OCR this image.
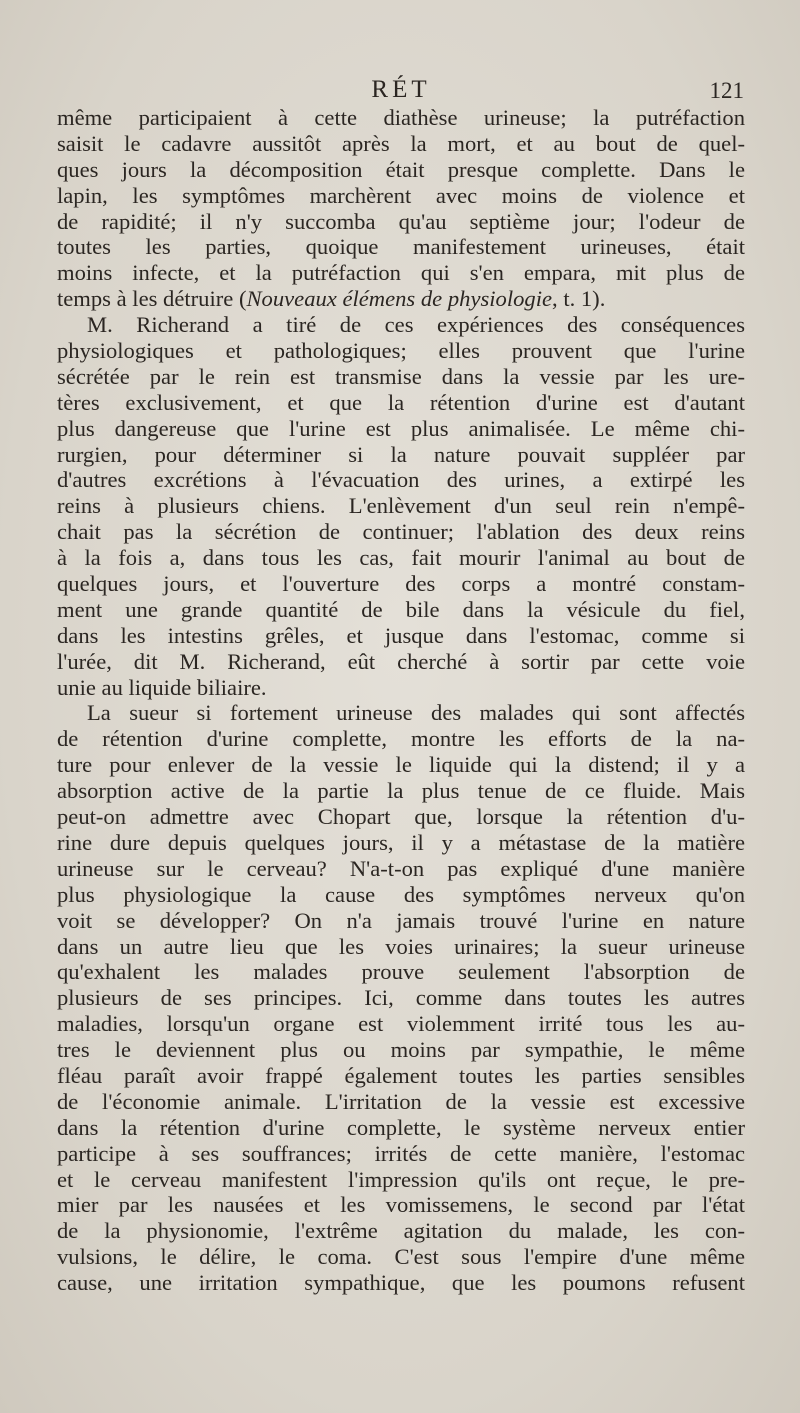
RÉT	121
même participaient à cette diathèse urineuse; la putréfaction
saisit le cadavre aussitôt après la mort, et au bout de quel-
ques jours la décomposition était presque complette. Dans le
lapin, les symptômes marchèrent avec moins de violence et
de rapidité; il n'y succomba qu'au septième jour; l'odeur de
toutes les parties, quoique manifestement urineuses, était
moins infecte, et la putréfaction qui s'en empara, mit plus de
temps à les détruire (Nouveaux élémens de physiologie, t. 1).
M. Richerand a tiré de ces expériences des conséquences
physiologiques et pathologiques; elles prouvent que l'urine
sécrétée par le rein est transmise dans la vessie par les ure-
tères exclusivement, et que la rétention d'urine est d'autant
plus dangereuse que l'urine est plus animalisée. Le même chi-
rurgien, pour déterminer si la nature pouvait suppléer par
d'autres excrétions à l'évacuation des urines, a extirpé les
reins à plusieurs chiens. L'enlèvement d'un seul rein n'empê-
chait pas la sécrétion de continuer; l'ablation des deux reins
à la fois a, dans tous les cas, fait mourir l'animal au bout de
quelques jours, et l'ouverture des corps a montré constam-
ment une grande quantité de bile dans la vésicule du fiel,
dans les intestins grêles, et jusque dans l'estomac, comme si
l'urée, dit M. Richerand, eût cherché à sortir par cette voie
unie au liquide biliaire.
La sueur si fortement urineuse des malades qui sont affectés
de rétention d'urine complette, montre les efforts de la na-
ture pour enlever de la vessie le liquide qui la distend; il y a
absorption active de la partie la plus tenue de ce fluide. Mais
peut-on admettre avec Chopart que, lorsque la rétention d'u-
rine dure depuis quelques jours, il y a métastase de la matière
urineuse sur le cerveau? N'a-t-on pas expliqué d'une manière
plus physiologique la cause des symptômes nerveux qu'on
voit se développer? On n'a jamais trouvé l'urine en nature
dans un autre lieu que les voies urinaires; la sueur urineuse
qu'exhalent les malades prouve seulement l'absorption de
plusieurs de ses principes. Ici, comme dans toutes les autres
maladies, lorsqu'un organe est violemment irrité tous les au-
tres le deviennent plus ou moins par sympathie, le même
fléau paraît avoir frappé également toutes les parties sensibles
de l'économie animale. L'irritation de la vessie est excessive
dans la rétention d'urine complette, le système nerveux entier
participe à ses souffrances; irrités de cette manière, l'estomac
et le cerveau manifestent l'impression qu'ils ont reçue, le pre-
mier par les nausées et les vomissemens, le second par l'état
de la physionomie, l'extrême agitation du malade, les con-
vulsions, le délire, le coma. C'est sous l'empire d'une même
cause, une irritation sympathique, que les poumons refusent
